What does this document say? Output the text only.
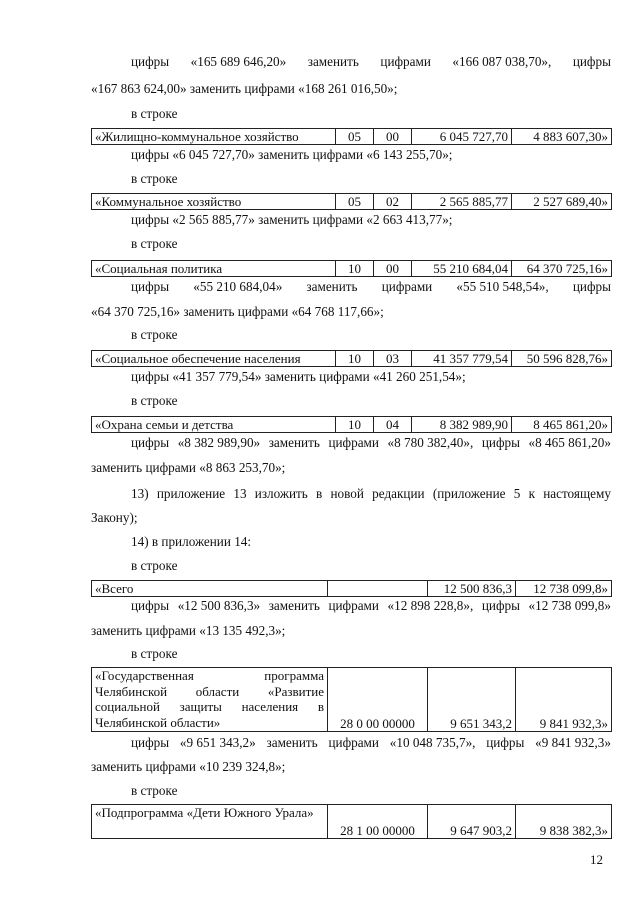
цифры «165 689 646,20» заменить цифрами «166 087 038,70», цифры
«167 863 624,00» заменить цифрами «168 261 016,50»;
в строке
«Жилищно-коммунальное хозяйство	05	00	6 045 727,70	4 883 607,30»
цифры «6 045 727,70» заменить цифрами «6 143 255,70»;
в строке
«Коммунальное хозяйство	05	02	2 565 885,77	2 527 689,40»
цифры «2 565 885,77» заменить цифрами «2 663 413,77»;
в строке
«Социальная политика	10	00	55 210 684,04	64 370 725,16»
цифры «55 210 684,04» заменить цифрами «55 510 548,54», цифры
«64 370 725,16» заменить цифрами «64 768 117,66»;
в строке
«Социальное обеспечение населения	10	03	41 357 779,54	50 596 828,76»
цифры «41 357 779,54» заменить цифрами «41 260 251,54»;
в строке
«Охрана семьи и детства	10	04	8 382 989,90	8 465 861,20»
цифры «8 382 989,90» заменить цифрами «8 780 382,40», цифры «8 465 861,20»
заменить цифрами «8 863 253,70»;
13) приложение 13 изложить в новой редакции (приложение 5 к настоящему
Закону);
14) в приложении 14:
в строке
«Всего		12 500 836,3	12 738 099,8»
цифры «12 500 836,3» заменить цифрами «12 898 228,8», цифры «12 738 099,8»
заменить цифрами «13 135 492,3»;
в строке
«Государственная программа Челябинской области «Развитие социальной защиты населения в Челябинской области»	28 0 00 00000	9 651 343,2	9 841 932,3»
цифры «9 651 343,2» заменить цифрами «10 048 735,7», цифры «9 841 932,3»
заменить цифрами «10 239 324,8»;
в строке
«Подпрограмма «Дети Южного Урала»	28 1 00 00000	9 647 903,2	9 838 382,3»
12
